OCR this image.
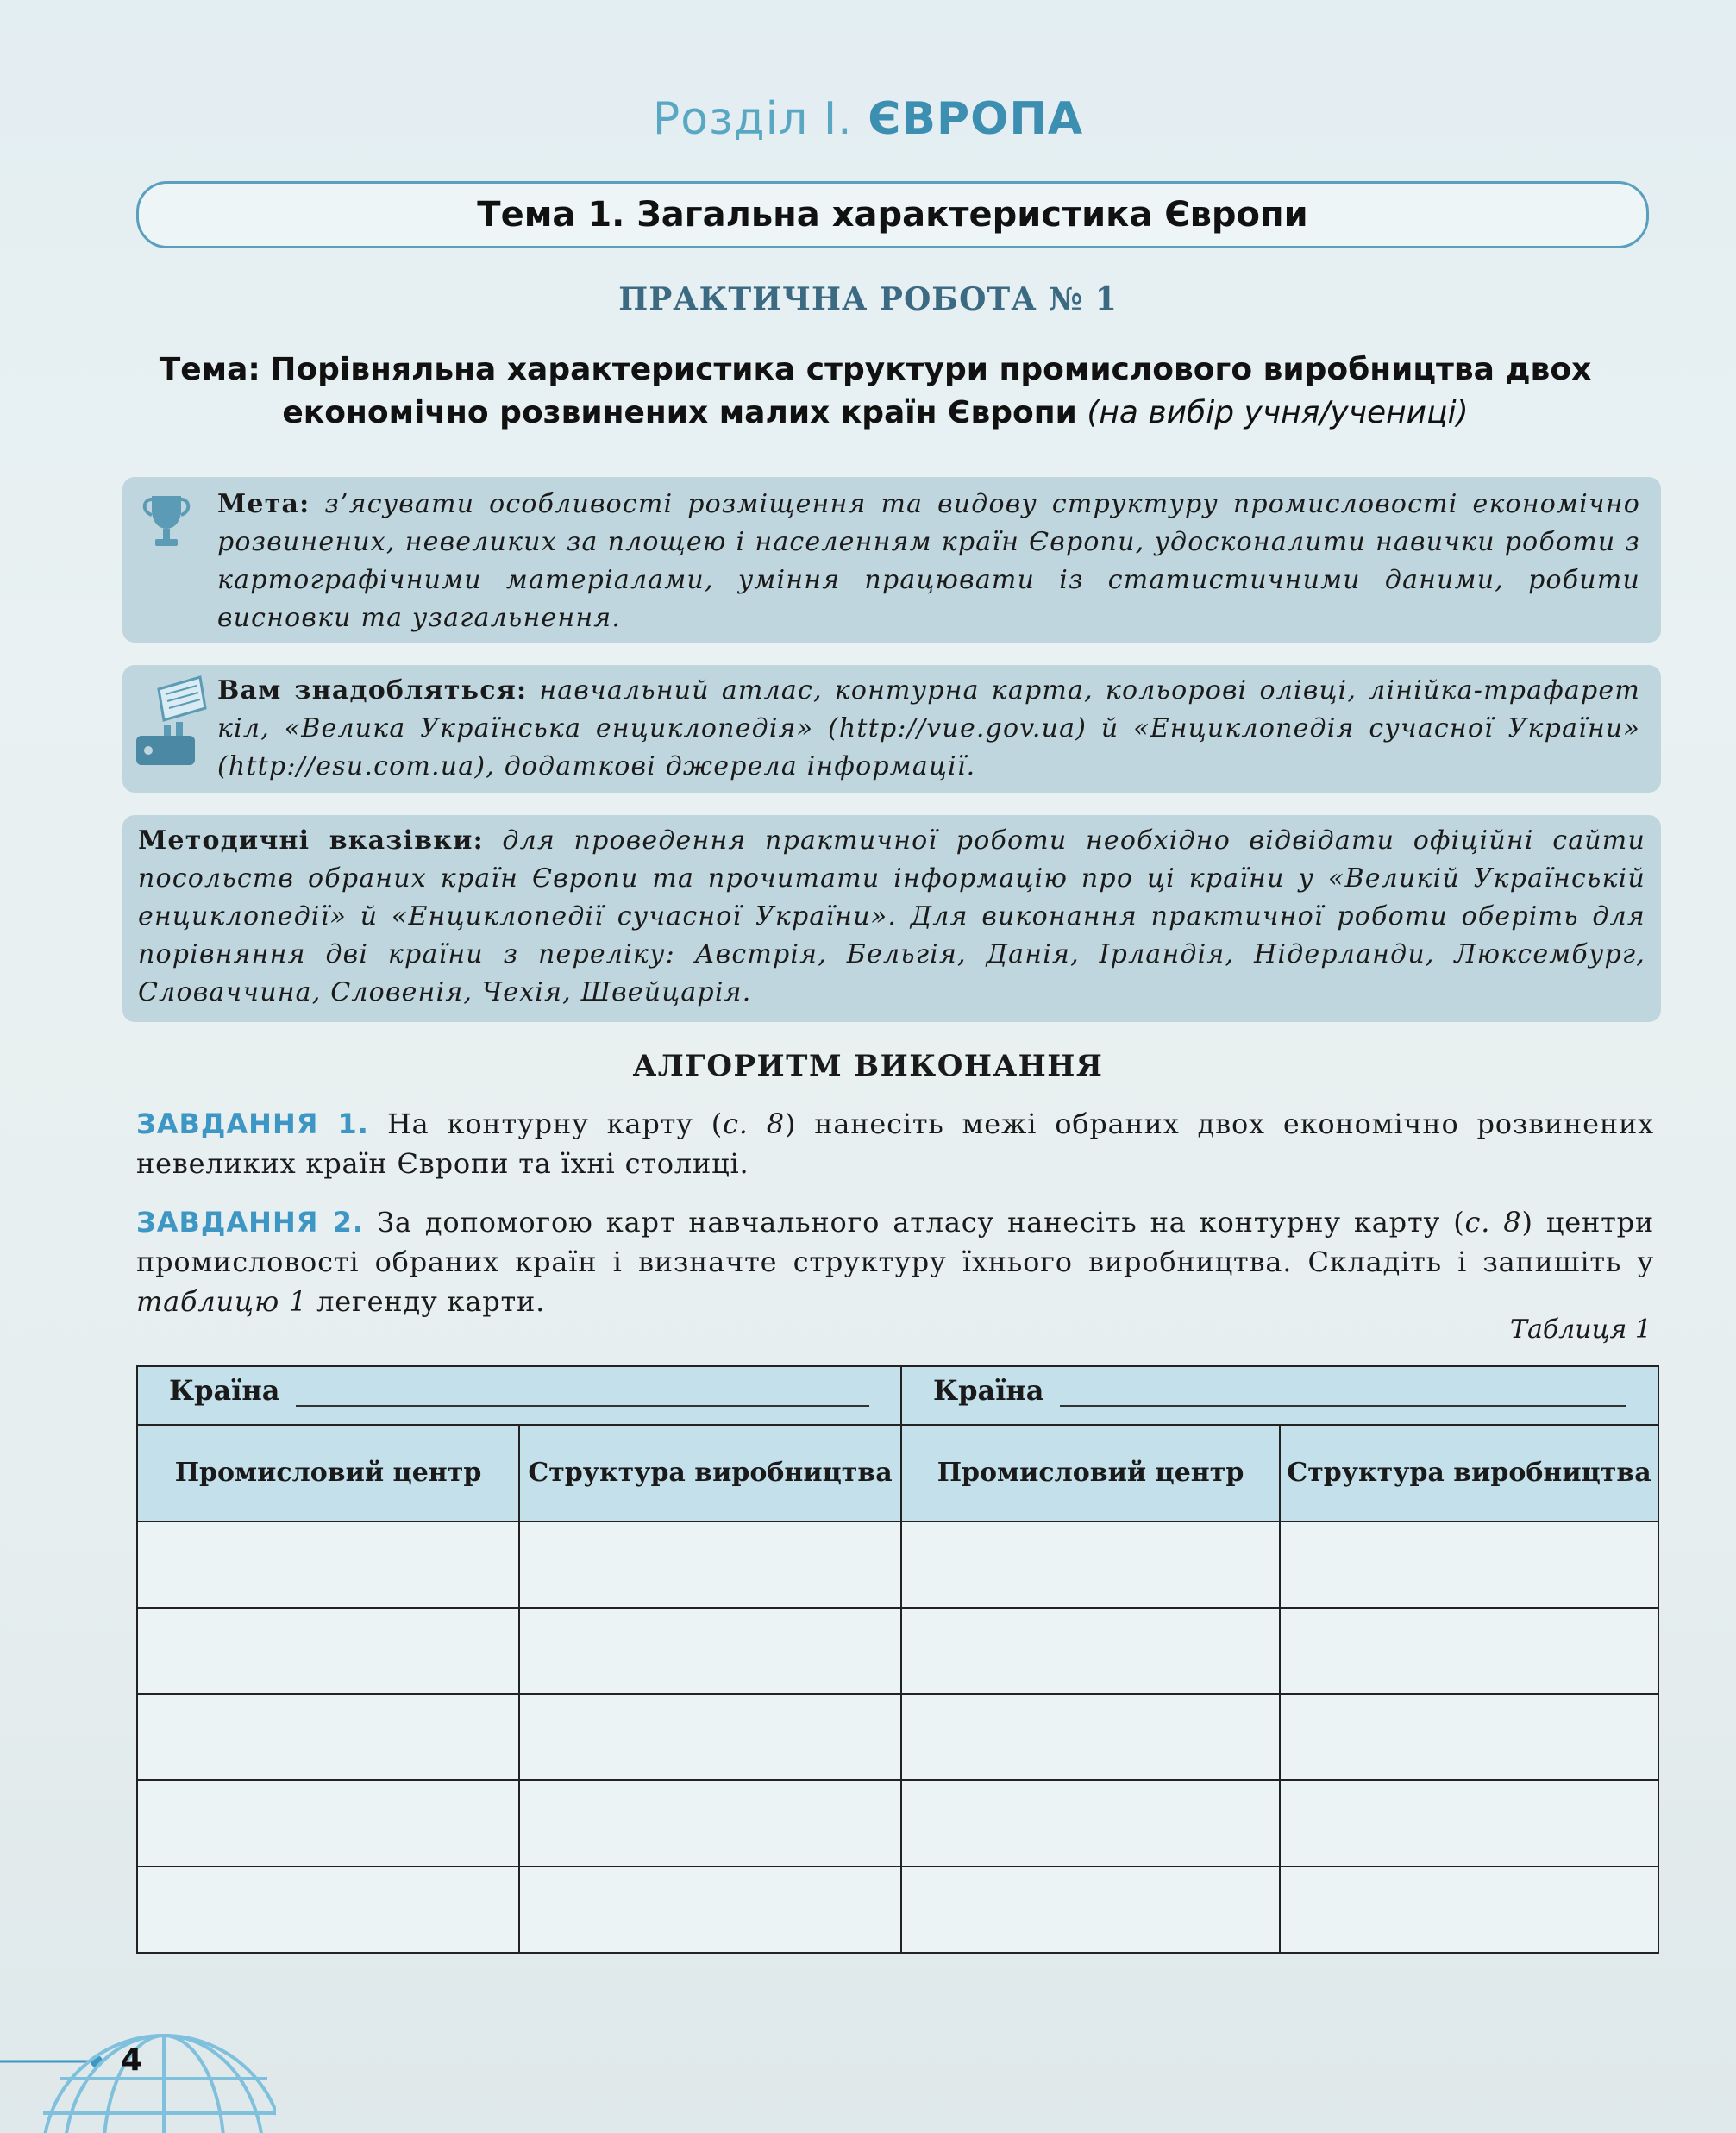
Розділ І. ЄВРОПА
Тема 1. Загальна характеристика Європи
ПРАКТИЧНА РОБОТА № 1
Тема: Порівняльна характеристика структури промислового виробництва двох економічно розвинених малих країн Європи (на вибір учня/учениці)
Мета: з’ясувати особливості розміщення та видову структуру промисловості економічно розвинених, невеликих за площею і населенням країн Європи, удосконалити навички роботи з картографічними матеріалами, уміння працювати із статистичними даними, робити висновки та узагальнення.
Вам знадобляться: навчальний атлас, контурна карта, кольорові олівці, лінійка-трафарет кіл, «Велика Українська енциклопедія» (http://vue.gov.ua) й «Енциклопедія сучасної України» (http://esu.com.ua), додаткові джерела інформації.
Методичні вказівки: для проведення практичної роботи необхідно відвідати офіційні сайти посольств обраних країн Європи та прочитати інформацію про ці країни у «Великій Українській енциклопедії» й «Енциклопедії сучасної України». Для виконання практичної роботи оберіть для порівняння дві країни з переліку: Австрія, Бельгія, Данія, Ірландія, Нідерланди, Люксембург, Словаччина, Словенія, Чехія, Швейцарія.
АЛГОРИТМ ВИКОНАННЯ
ЗАВДАННЯ 1. На контурну карту (с. 8) нанесіть межі обраних двох економічно розвинених невеликих країн Європи та їхні столиці.
ЗАВДАННЯ 2. За допомогою карт навчального атласу нанесіть на контурну карту (с. 8) центри промисловості обраних країн і визначте структуру їхнього виробництва. Складіть і запишіть у таблицю 1 легенду карти.
Таблиця 1
Країна		Країна	

Промисловий центр	Структура виробництва	Промисловий центр	Структура виробництва

4
